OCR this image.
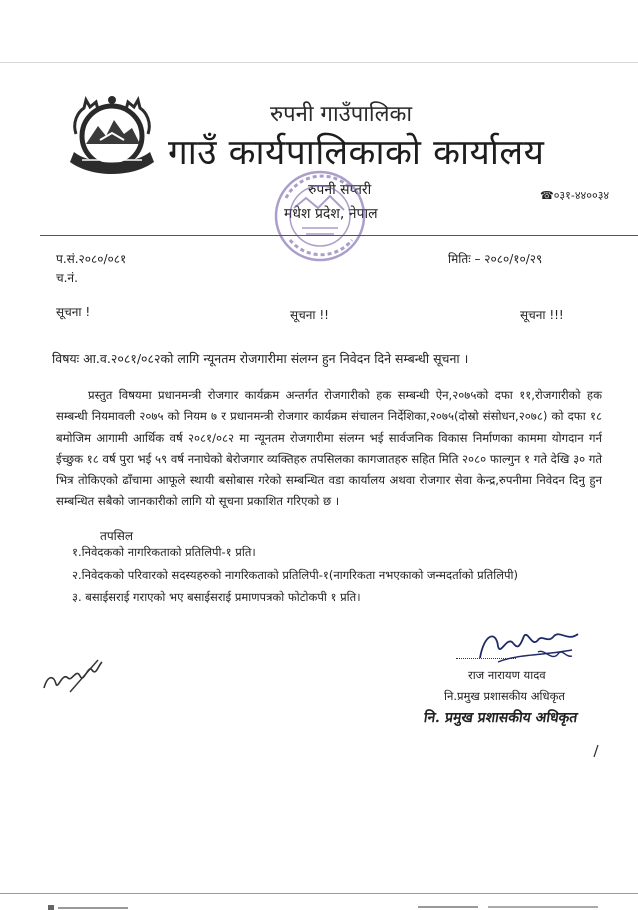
रुपनी गाउँपालिका
गाउँ कार्यपालिकाको कार्यालय
रुपनी सप्तरी
मधेश प्रदेश, नेपाल
☎०३१-४४००३४
प.सं.२०८०/०८१
च.नं.
मितिः – २०८०/१०/२९
सूचना !	सूचना !!	सूचना !!!
विषयः आ.व.२०८१/०८२को लागि न्यूनतम रोजगारीमा संलग्न हुन निवेदन दिने सम्बन्धी सूचना ।

प्रस्तुत विषयमा प्रधानमन्त्री रोजगार कार्यक्रम अन्तर्गत रोजगारीको हक सम्बन्धी ऐन,२०७५को दफा ११,रोजगारीको हक सम्बन्धी नियमावली २०७५ को नियम ७ र प्रधानमन्त्री रोजगार कार्यक्रम संचालन निर्देशिका,२०७५(दोस्रो संसोधन,२०७८) को दफा १८ बमोजिम आगामी आर्थिक वर्ष २०८१/०८२ मा न्यूनतम रोजगारीमा संलग्न भई सार्वजनिक विकास निर्माणका काममा योगदान गर्न ईच्छुक १८ वर्ष पुरा भई ५९ वर्ष ननाघेको बेरोजगार व्यक्तिहरु तपसिलका कागजातहरु सहित मिति २०८० फाल्गुन १ गते देखि ३० गते भित्र तोकिएको ढाँचामा आफूले स्थायी बसोबास गरेको सम्बन्धित वडा कार्यालय अथवा रोजगार सेवा केन्द्र,रुपनीमा निवेदन दिनु हुन सम्बन्धित सबैको जानकारीको लागि यो सूचना प्रकाशित गरिएको छ ।

तपसिल
१.निवेदकको नागरिकताको प्रतिलिपी-१ प्रति।
२.निवेदकको परिवारको सदस्यहरुको नागरिकताको प्रतिलिपी-१(नागरिकता नभएकाको जन्मदर्ताको प्रतिलिपी)
३. बसाईसराई गराएको भए बसाईसराई प्रमाणपत्रको फोटोकपी १ प्रति।
राज नारायण यादव
नि.प्रमुख प्रशासकीय अधिकृत
नि. प्रमुख प्रशासकीय अधिकृत
